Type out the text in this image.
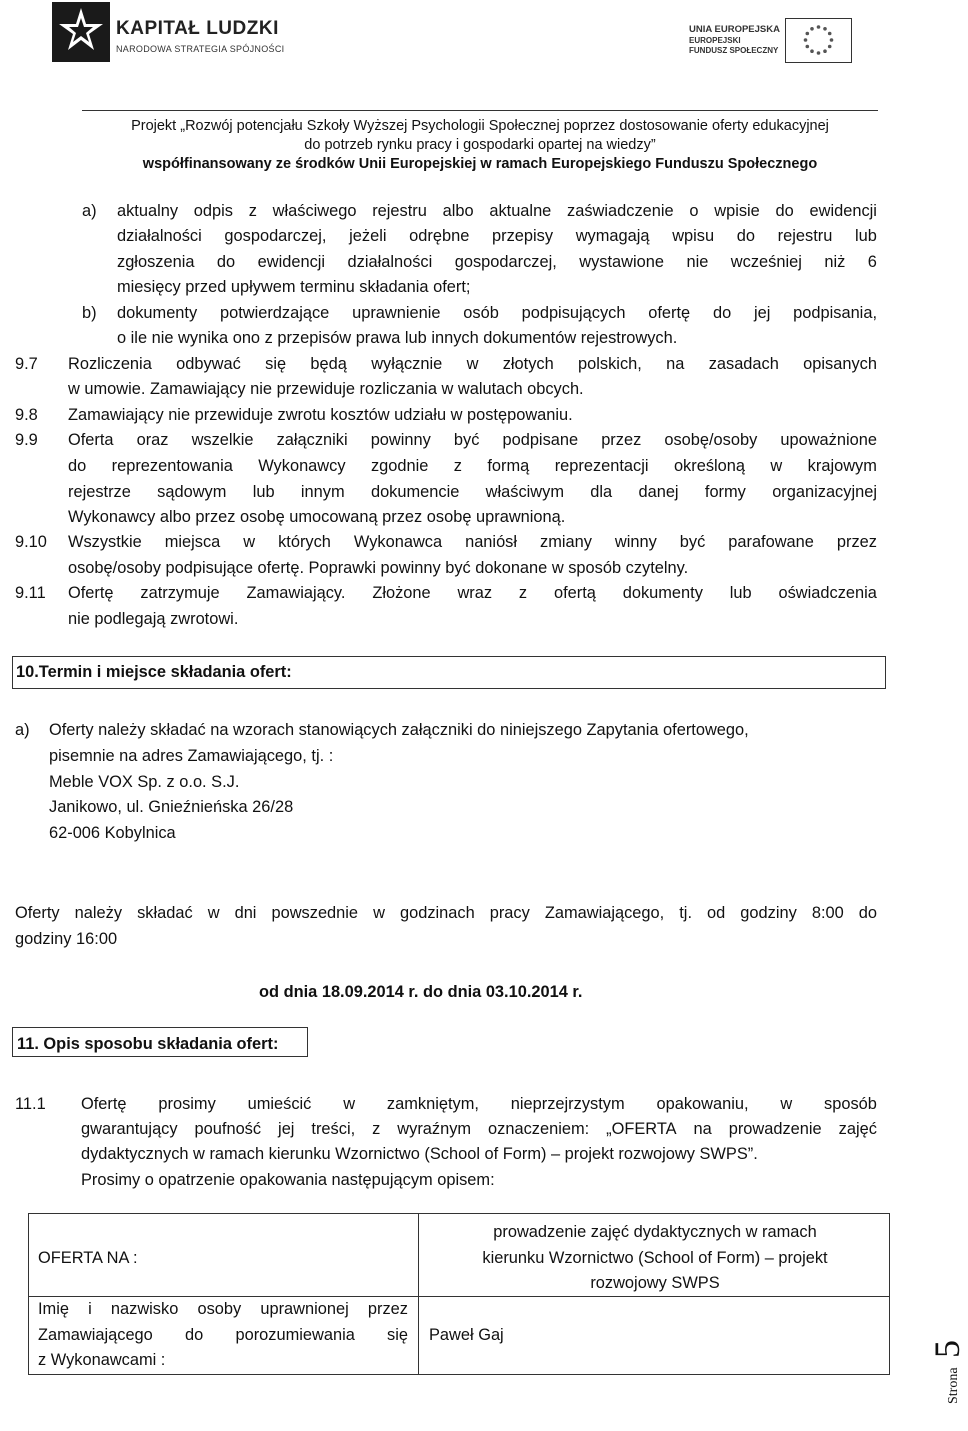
KAPITAŁ LUDZKI
NARODOWA STRATEGIA SPÓJNOŚCI
UNIA EUROPEJSKA
EUROPEJSKI
FUNDUSZ SPOŁECZNY
Projekt „Rozwój potencjału Szkoły Wyższej Psychologii Społecznej poprzez dostosowanie oferty edukacyjnej
do potrzeb rynku pracy i gospodarki opartej na wiedzy”
współfinansowany ze środków Unii Europejskiej w ramach Europejskiego Funduszu Społecznego
a) aktualny odpis z właściwego rejestru albo aktualne zaświadczenie o wpisie do ewidencji
działalności gospodarczej, jeżeli odrębne przepisy wymagają wpisu do rejestru lub
zgłoszenia do ewidencji działalności gospodarczej, wystawione nie wcześniej niż 6
miesięcy przed upływem terminu składania ofert;
b) dokumenty potwierdzające uprawnienie osób podpisujących ofertę do jej podpisania,
o ile nie wynika ono z przepisów prawa lub innych dokumentów rejestrowych.
9.7 Rozliczenia odbywać się będą wyłącznie w złotych polskich, na zasadach opisanych
w umowie. Zamawiający nie przewiduje rozliczania w walutach obcych.
9.8 Zamawiający nie przewiduje zwrotu kosztów udziału w postępowaniu.
9.9 Oferta oraz wszelkie załączniki powinny być podpisane przez osobę/osoby upoważnione
do reprezentowania Wykonawcy zgodnie z formą reprezentacji określoną w krajowym
rejestrze sądowym lub innym dokumencie właściwym dla danej formy organizacyjnej
Wykonawcy albo przez osobę umocowaną przez osobę uprawnioną.
9.10 Wszystkie miejsca w których Wykonawca naniósł zmiany winny być parafowane przez
osobę/osoby podpisujące ofertę. Poprawki powinny być dokonane w sposób czytelny.
9.11 Ofertę zatrzymuje Zamawiający. Złożone wraz z ofertą dokumenty lub oświadczenia
nie podlegają zwrotowi.
10.Termin i miejsce składania ofert:
a) Oferty należy składać na wzorach stanowiących załączniki do niniejszego Zapytania ofertowego,
pisemnie na adres Zamawiającego, tj. :
Meble VOX Sp. z o.o. S.J.
Janikowo, ul. Gnieźnieńska 26/28
62-006 Kobylnica
Oferty należy składać w dni powszednie w godzinach pracy Zamawiającego, tj. od godziny 8:00 do
godziny 16:00
od dnia 18.09.2014 r. do dnia 03.10.2014 r.
11. Opis sposobu składania ofert:
11.1 Ofertę prosimy umieścić w zamkniętym, nieprzejrzystym opakowaniu, w sposób
gwarantujący poufność jej treści, z wyraźnym oznaczeniem: „OFERTA na prowadzenie zajęć
dydaktycznych w ramach kierunku Wzornictwo (School of Form) – projekt rozwojowy SWPS”.
Prosimy o opatrzenie opakowania następującym opisem:
OFERTA NA :
prowadzenie zajęć dydaktycznych w ramach
kierunku Wzornictwo (School of Form) – projekt
rozwojowy SWPS
Imię i nazwisko osoby uprawnionej przez
Zamawiającego do porozumiewania się
z Wykonawcami :
Paweł Gaj
Strona
5
